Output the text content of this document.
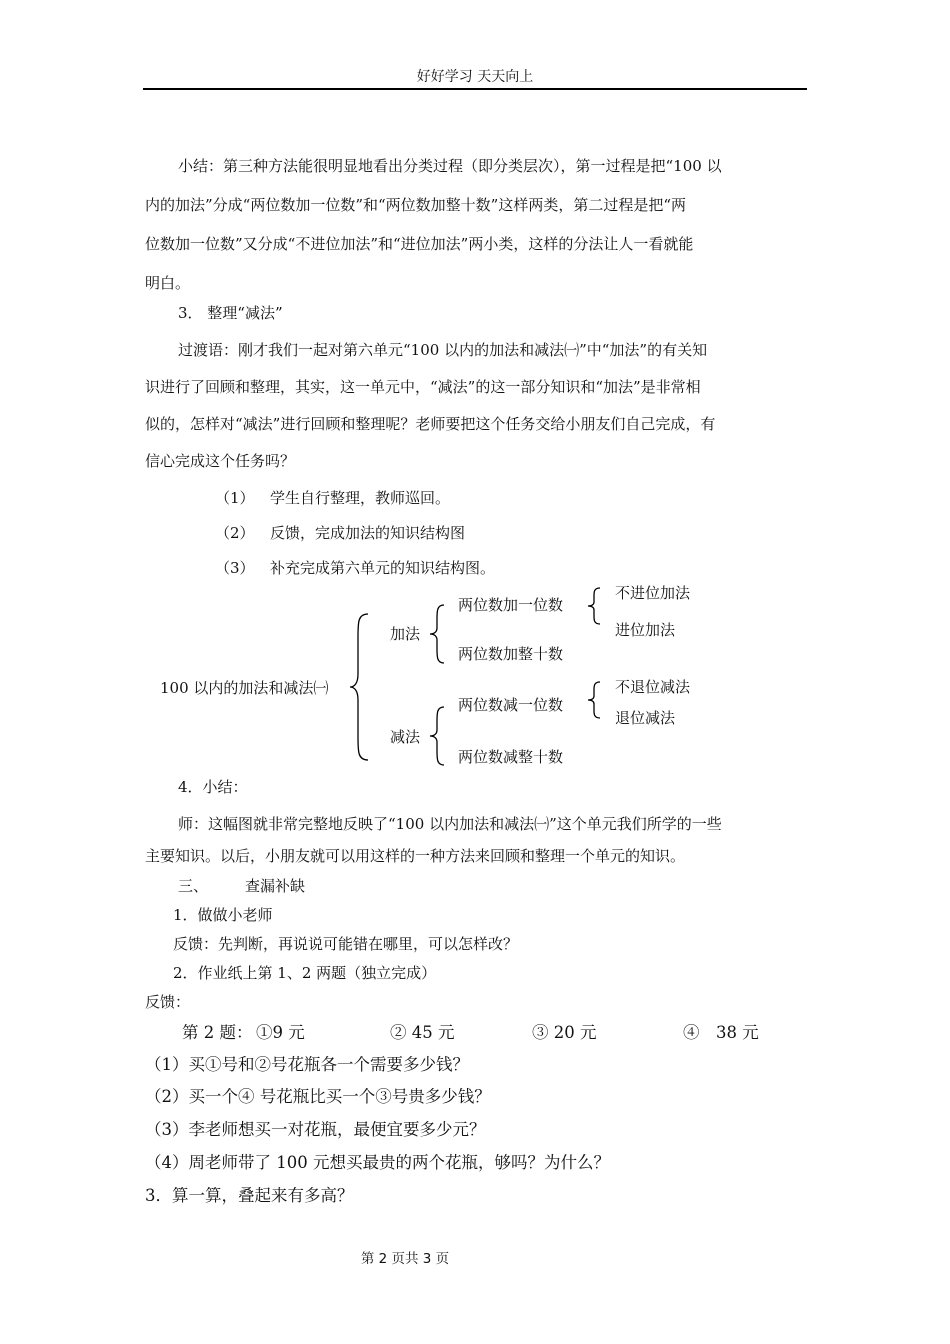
好好学习 天天向上
小结：第三种方法能很明显地看出分类过程（即分类层次），第一过程是把“100 以
内的加法”分成“两位数加一位数”和“两位数加整十数”这样两类，第二过程是把“两
位数加一位数”又分成“不进位加法”和“进位加法”两小类，这样的分法让人一看就能
明白。
3． 整理“减法”
过渡语：刚才我们一起对第六单元“100 以内的加法和减法㈠”中“加法”的有关知
识进行了回顾和整理，其实，这一单元中，“减法”的这一部分知识和“加法”是非常相
似的，怎样对“减法”进行回顾和整理呢？老师要把这个任务交给小朋友们自己完成，有
信心完成这个任务吗？
（1） 学生自行整理，教师巡回。
（2） 反馈，完成加法的知识结构图
（3） 补充完成第六单元的知识结构图。
100 以内的加法和减法㈠
加法
两位数加一位数
两位数加整十数
不进位加法
进位加法
减法
两位数减一位数
两位数减整十数
不退位减法
退位减法
4．小结：
师：这幅图就非常完整地反映了“100 以内加法和减法㈠”这个单元我们所学的一些
主要知识。以后，小朋友就可以用这样的一种方法来回顾和整理一个单元的知识。
三、 查漏补缺
1．做做小老师
反馈：先判断，再说说可能错在哪里，可以怎样改？
2．作业纸上第 1、2 两题（独立完成）
反馈：
第 2 题： ①9 元	② 45 元	③ 20 元	④　38 元
（1）买①号和②号花瓶各一个需要多少钱？
（2）买一个④ 号花瓶比买一个③号贵多少钱？
（3）李老师想买一对花瓶，最便宜要多少元？
（4）周老师带了 100 元想买最贵的两个花瓶，够吗？为什么？
3．算一算，叠起来有多高？
第 2 页共 3 页
